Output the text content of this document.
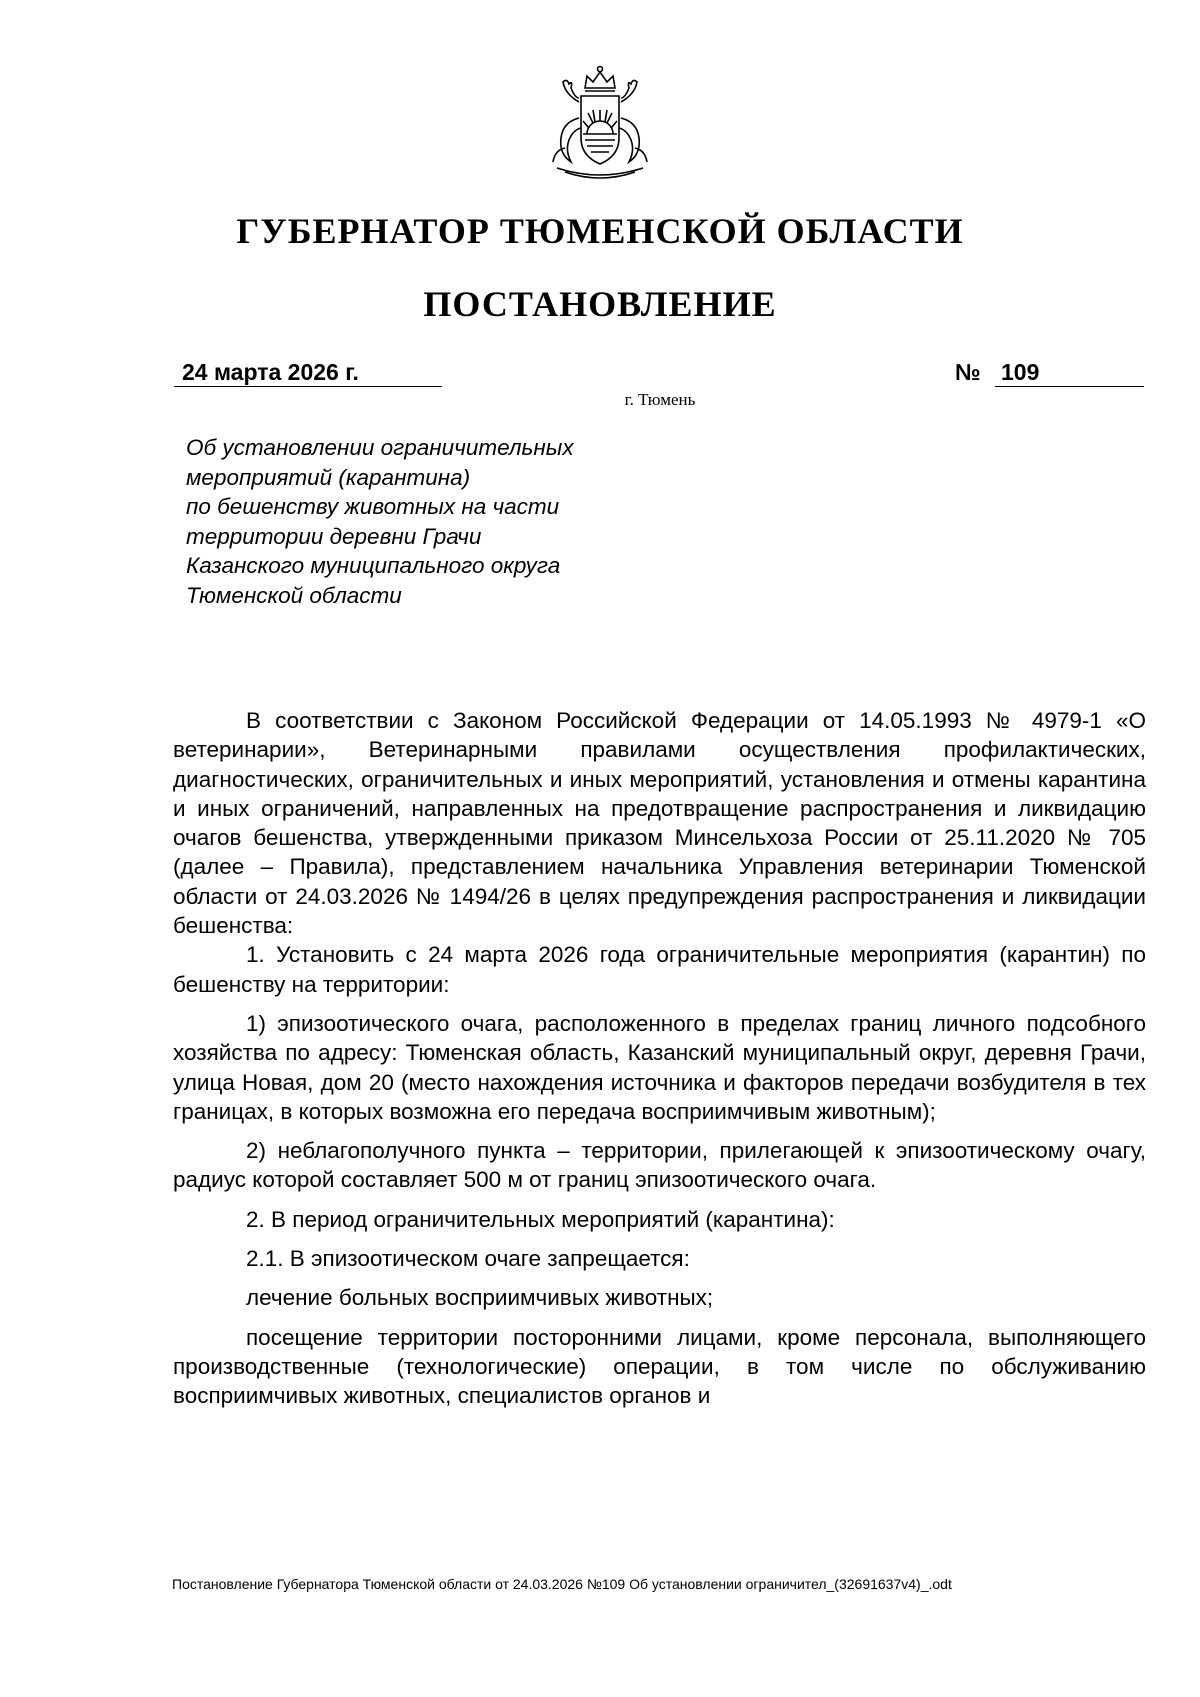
ГУБЕРНАТОР ТЮМЕНСКОЙ ОБЛАСТИ
ПОСТАНОВЛЕНИЕ
24 марта 2026 г.	№ 109
г. Тюмень
Об установлении ограничительных
мероприятий (карантина)
по бешенству животных на части
территории деревни Грачи
Казанского муниципального округа
Тюменской области

В соответствии с Законом Российской Федерации от 14.05.1993 № 4979-1 «О ветеринарии», Ветеринарными правилами осуществления профилактических, диагностических, ограничительных и иных мероприятий, установления и отмены карантина и иных ограничений, направленных на предотвращение распространения и ликвидацию очагов бешенства, утвержденными приказом Минсельхоза России от 25.11.2020 № 705 (далее – Правила), представлением начальника Управления ветеринарии Тюменской области от 24.03.2026 № 1494/26 в целях предупреждения распространения и ликвидации бешенства:

1. Установить с 24 марта 2026 года ограничительные мероприятия (карантин) по бешенству на территории:

1) эпизоотического очага, расположенного в пределах границ личного подсобного хозяйства по адресу: Тюменская область, Казанский муниципальный округ, деревня Грачи, улица Новая, дом 20 (место нахождения источника и факторов передачи возбудителя в тех границах, в которых возможна его передача восприимчивым животным);

2) неблагополучного пункта – территории, прилегающей к эпизоотическому очагу, радиус которой составляет 500 м от границ эпизоотического очага.

2. В период ограничительных мероприятий (карантина):

2.1. В эпизоотическом очаге запрещается:

лечение больных восприимчивых животных;

посещение территории посторонними лицами, кроме персонала, выполняющего производственные (технологические) операции, в том числе по обслуживанию восприимчивых животных, специалистов органов и

Постановление Губернатора Тюменской области от 24.03.2026 №109 Об установлении ограничител_(32691637v4)_.odt
